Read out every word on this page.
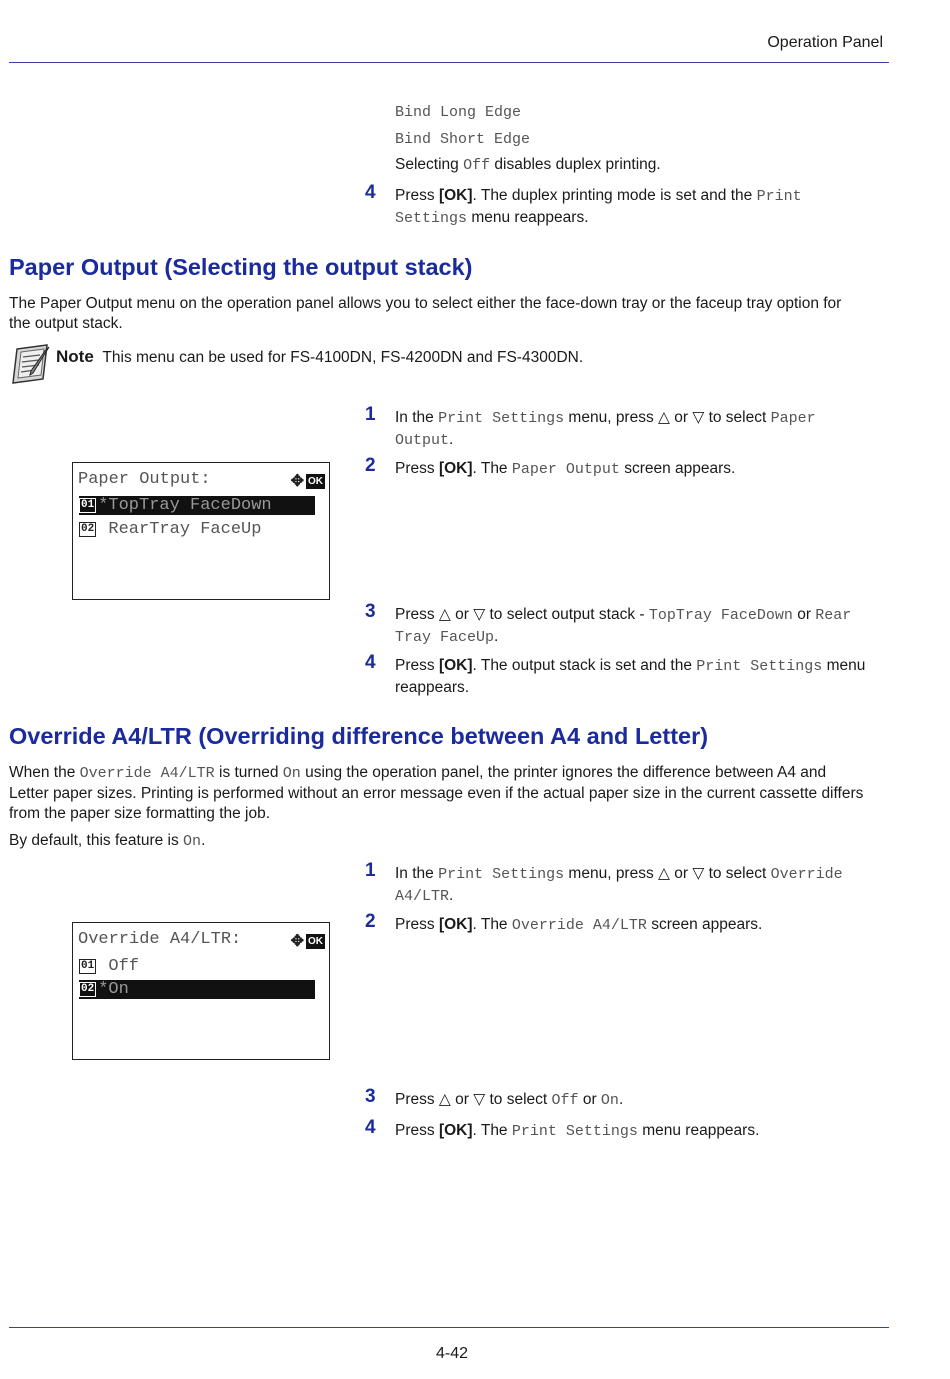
Operation Panel
Bind Long Edge
Bind Short Edge
Selecting Off disables duplex printing.
4 Press [OK]. The duplex printing mode is set and the Print
Settings menu reappears.
Paper Output (Selecting the output stack)
The Paper Output menu on the operation panel allows you to select either the face-down tray or the faceup tray option for
the output stack.
Note This menu can be used for FS-4100DN, FS-4200DN and FS-4300DN.
Paper Output:	✥ OK
01 *TopTray FaceDown
02 RearTray FaceUp
1 In the Print Settings menu, press △ or ▽ to select Paper
Output.
2 Press [OK]. The Paper Output screen appears.
3 Press △ or ▽ to select output stack - TopTray FaceDown or Rear
Tray FaceUp.
4 Press [OK]. The output stack is set and the Print Settings menu
reappears.
Override A4/LTR (Overriding difference between A4 and Letter)
When the Override A4/LTR is turned On using the operation panel, the printer ignores the difference between A4 and
Letter paper sizes. Printing is performed without an error message even if the actual paper size in the current cassette differs
from the paper size formatting the job.
By default, this feature is On.
Override A4/LTR:	✥ OK
01 Off
02 *On
1 In the Print Settings menu, press △ or ▽ to select Override
A4/LTR.
2 Press [OK]. The Override A4/LTR screen appears.
3 Press △ or ▽ to select Off or On.
4 Press [OK]. The Print Settings menu reappears.
4-42
